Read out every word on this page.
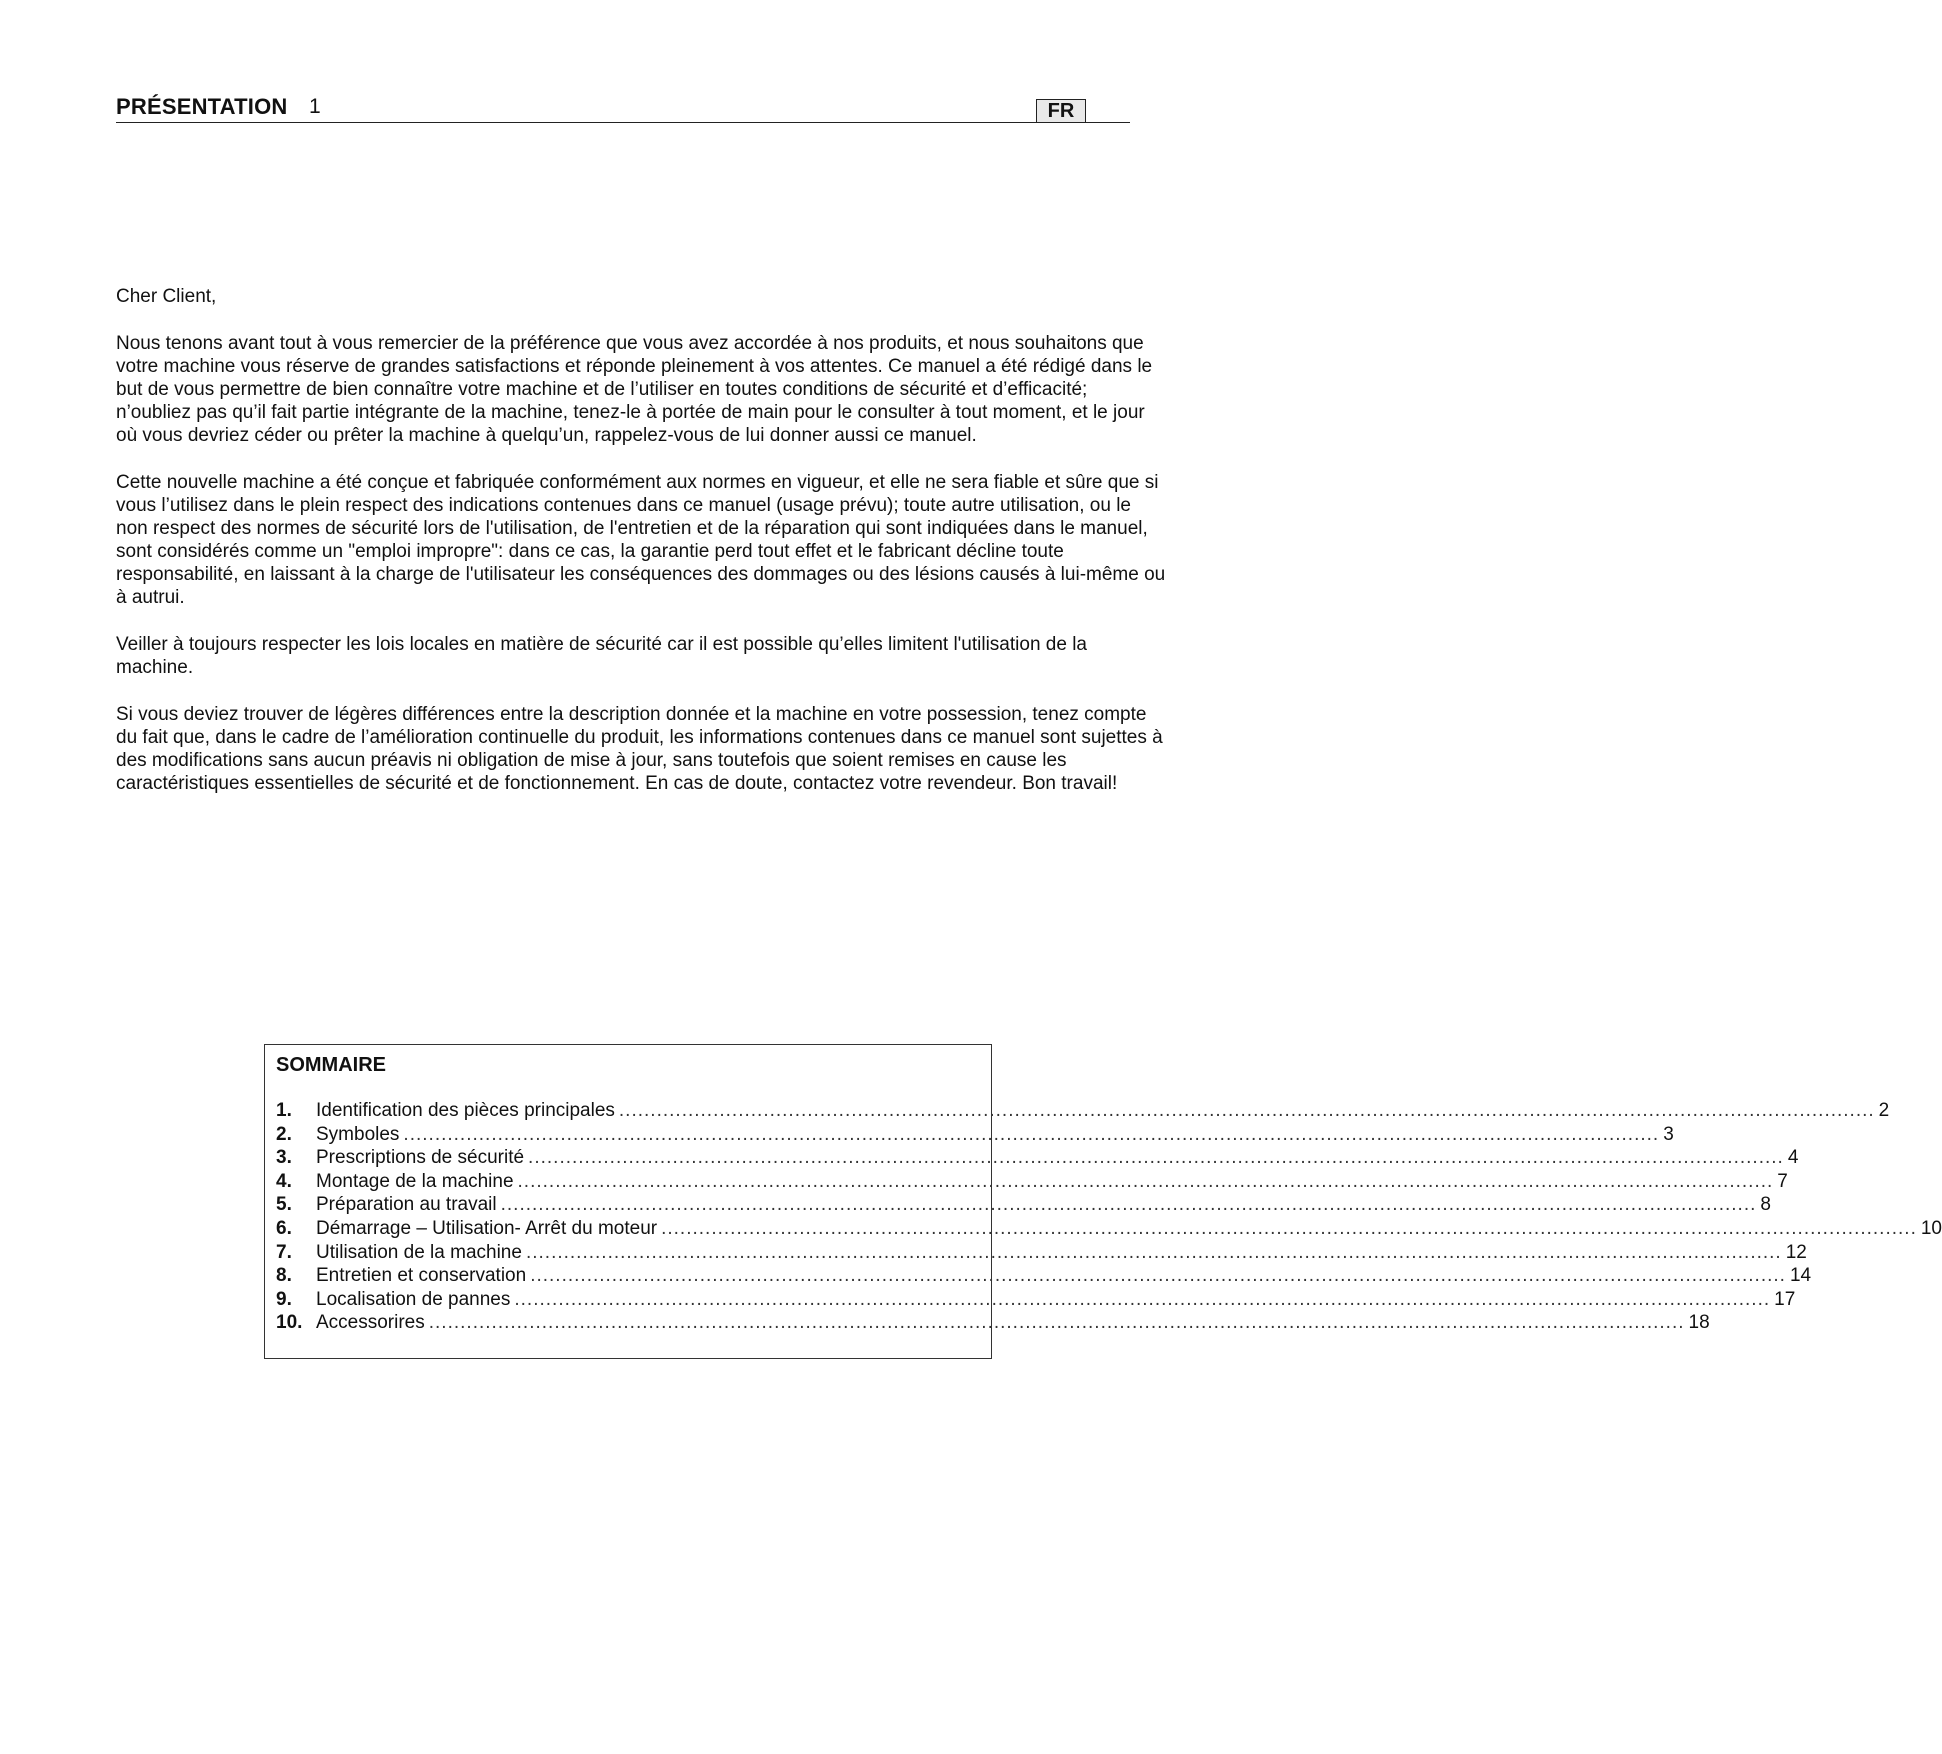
PRÉSENTATION 1	FR

Cher Client,

Nous tenons avant tout à vous remercier de la préférence que vous avez accordée à nos produits, et nous souhaitons que votre machine vous réserve de grandes satisfactions et réponde pleinement à vos attentes. Ce manuel a été rédigé dans le but de vous permettre de bien connaître votre machine et de l’utiliser en toutes conditions de sécurité et d’efficacité; n’oubliez pas qu’il fait partie intégrante de la machine, tenez-le à portée de main pour le consulter à tout moment, et le jour où vous devriez céder ou prêter la machine à quelqu’un, rappelez-vous de lui donner aussi ce manuel.

Cette nouvelle machine a été conçue et fabriquée conformément aux normes en vigueur, et elle ne sera fiable et sûre que si vous l’utilisez dans le plein respect des indications contenues dans ce manuel (usage prévu); toute autre utilisation, ou le non respect des normes de sécurité lors de l'utilisation, de l'entretien et de la réparation qui sont indiquées dans le manuel, sont considérés comme un "emploi impropre": dans ce cas, la garantie perd tout effet et le fabricant décline toute responsabilité, en laissant à la charge de l'utilisateur les conséquences des dommages ou des lésions causés à lui-même ou à autrui.

Veiller à toujours respecter les lois locales en matière de sécurité car il est possible qu’elles limitent l'utilisation de la machine.

Si vous deviez trouver de légères différences entre la description donnée et la machine en votre possession, tenez compte du fait que, dans le cadre de l’amélioration continuelle du produit, les informations contenues dans ce manuel sont sujettes à des modifications sans aucun préavis ni obligation de mise à jour, sans toutefois que soient remises en cause les caractéristiques essentielles de sécurité et de fonctionnement. En cas de doute, contactez votre revendeur. Bon travail!

SOMMAIRE
1.	Identification des pièces principales ........................................................................................................................................................................................................ 2
2.	Symboles ........................................................................................................................................................................................................ 3
3.	Prescriptions de sécurité ........................................................................................................................................................................................................ 4
4.	Montage de la machine ........................................................................................................................................................................................................ 7
5.	Préparation au travail ........................................................................................................................................................................................................ 8
6.	Démarrage – Utilisation- Arrêt du moteur ........................................................................................................................................................................................................ 10
7.	Utilisation de la machine ........................................................................................................................................................................................................ 12
8.	Entretien et conservation ........................................................................................................................................................................................................ 14
9.	Localisation de pannes ........................................................................................................................................................................................................ 17
10. Accessorires ........................................................................................................................................................................................................ 18
